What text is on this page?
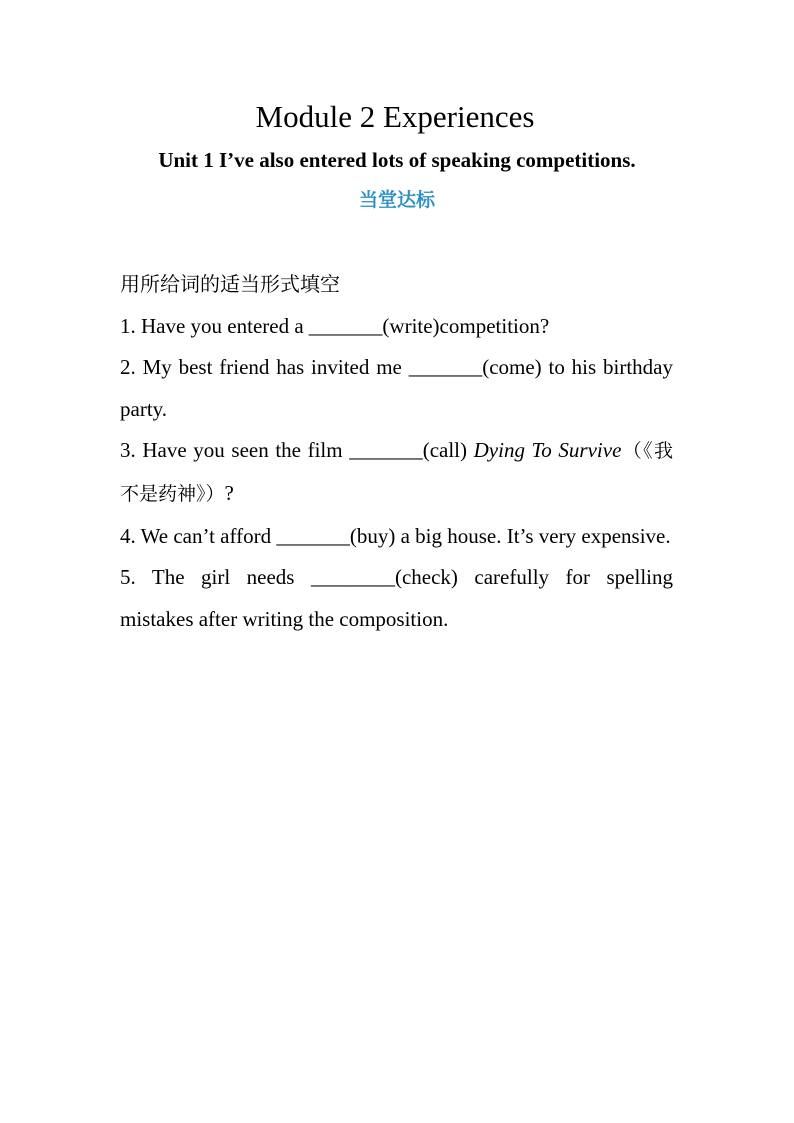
Module 2 Experiences
Unit 1 I’ve also entered lots of speaking competitions.
当堂达标

用所给词的适当形式填空

1. Have you entered a _______(write)competition?

2. My best friend has invited me _______(come) to his birthday party.

3. Have you seen the film _______(call) Dying To Survive（《我不是药神》）?

4. We can’t afford _______(buy) a big house. It’s very expensive.

5. The girl needs ________(check) carefully for spelling mistakes after writing the composition.
